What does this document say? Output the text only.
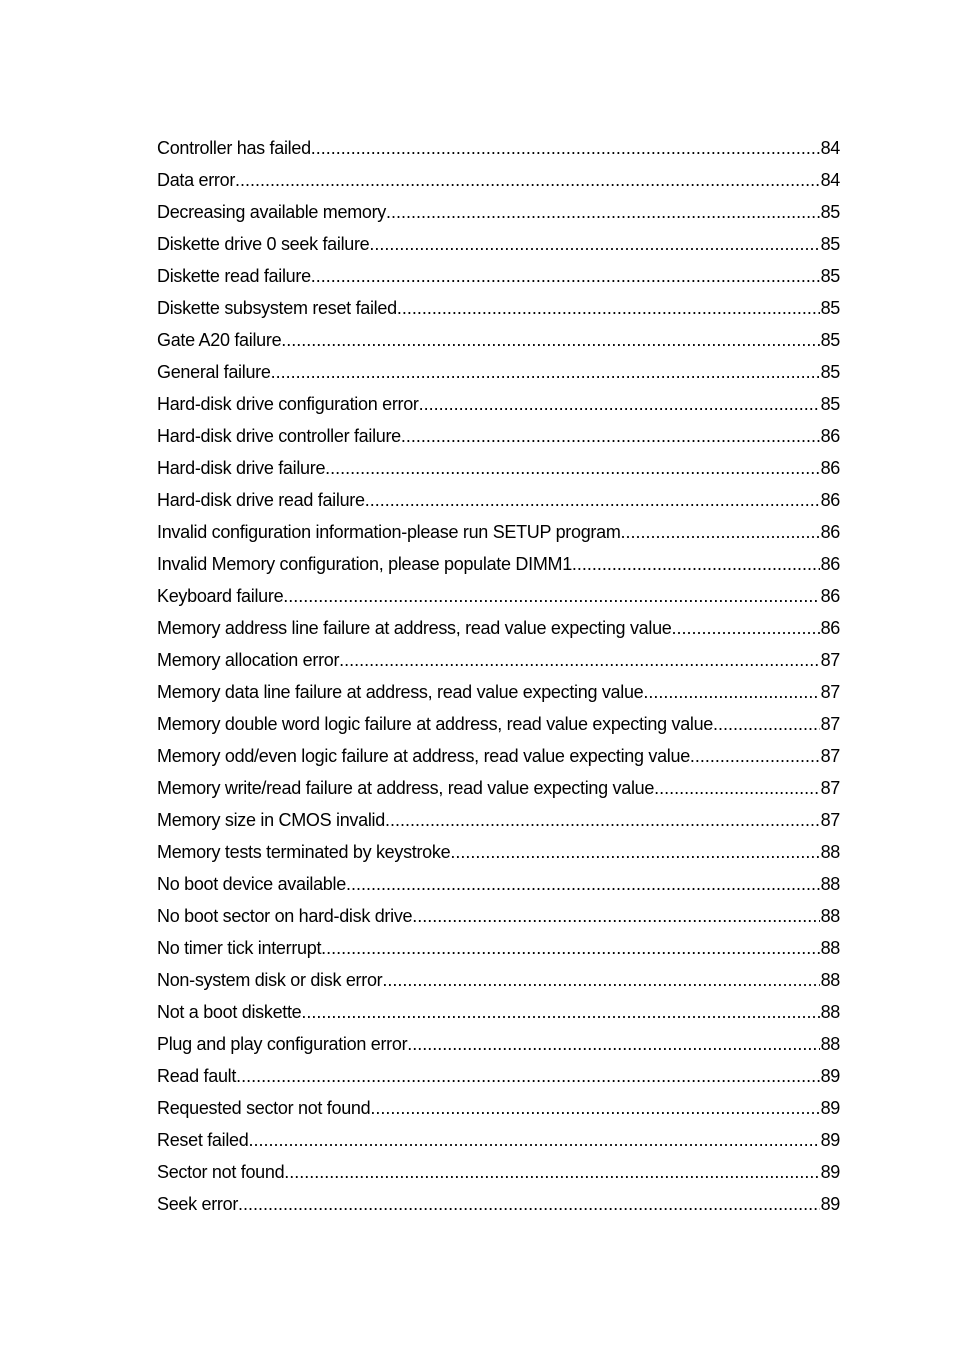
Controller has failed .....	84
Data error .....	84
Decreasing available memory .....	85
Diskette drive 0 seek failure .....	85
Diskette read failure .....	85
Diskette subsystem reset failed .....	85
Gate A20 failure .....	85
General failure .....	85
Hard-disk drive configuration error .....	85
Hard-disk drive controller failure .....	86
Hard-disk drive failure .....	86
Hard-disk drive read failure .....	86
Invalid configuration information-please run SETUP program .....	86
Invalid Memory configuration, please populate DIMM1 .....	86
Keyboard failure .....	86
Memory address line failure at address, read value expecting value .....	86
Memory allocation error .....	87
Memory data line failure at address, read value expecting value .....	87
Memory double word logic failure at address, read value expecting value .....	87
Memory odd/even logic failure at address, read value expecting value .....	87
Memory write/read failure at address, read value expecting value .....	87
Memory size in CMOS invalid .....	87
Memory tests terminated by keystroke .....	88
No boot device available .....	88
No boot sector on hard-disk drive .....	88
No timer tick interrupt .....	88
Non-system disk or disk error .....	88
Not a boot diskette .....	88
Plug and play configuration error .....	88
Read fault .....	89
Requested sector not found .....	89
Reset failed .....	89
Sector not found .....	89
Seek error .....	89
